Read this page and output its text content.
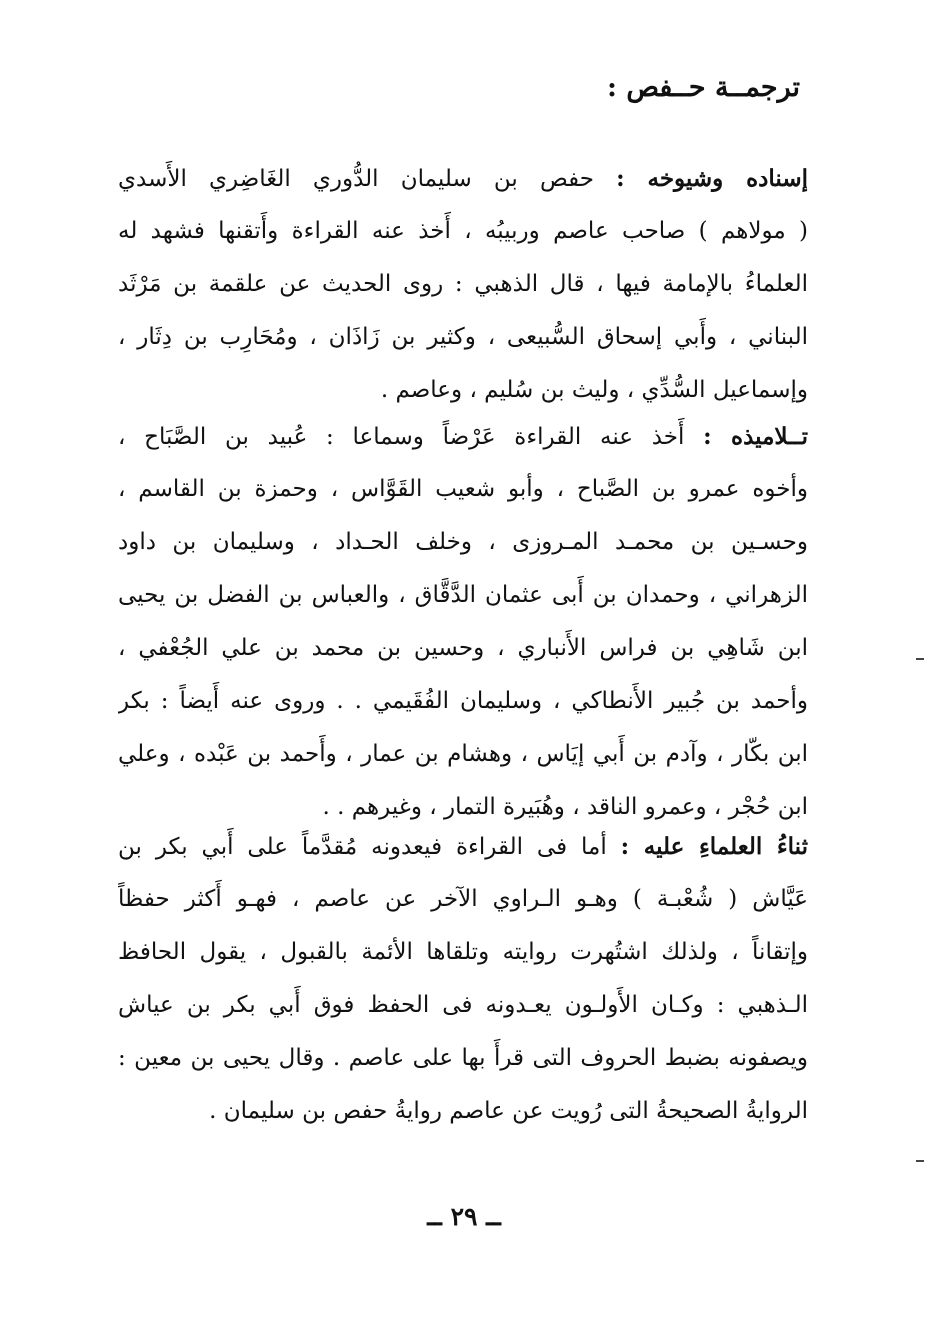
ترجمــة حــفص :
إسناده وشيوخه : حفص بن سليمان الدُّوري الغَاضِري الأَسدي
( مولاهم ) صاحب عاصم وربيبُه ، أَخذ عنه القراءة وأَتقنها فشهد له
العلماءُ بالإمامة فيها ، قال الذهبي : روى الحديث عن علقمة بن مَرْثَد
البناني ، وأَبي إسحاق السُّبيعى ، وكثير بن زَاذَان ، ومُحَارِب بن دِثَار ،
وإسماعيل السُّدِّي ، وليث بن سُليم ، وعاصم .
تــلاميذه : أَخذ عنه القراءة عَرْضاً وسماعا : عُبيد بن الصَّبَاح ،
وأخوه عمرو بن الصَّباح ، وأبو شعيب القَوَّاس ، وحمزة بن القاسم ،
وحسـين بن محمـد المـروزى ، وخلف الحـداد ، وسليمان بن داود
الزهراني ، وحمدان بن أَبى عثمان الدَّقَّاق ، والعباس بن الفضل بن يحيى
ابن شَاهِي بن فراس الأَنباري ، وحسين بن محمد بن علي الجُعْفي ،
وأحمد بن جُبير الأَنطاكي ، وسليمان الفُقَيمي . . وروى عنه أَيضاً : بكر
ابن بكّار ، وآدم بن أَبي إيَاس ، وهشام بن عمار ، وأَحمد بن عَبْده ، وعلي
ابن حُجْر ، وعمرو الناقد ، وهُبَيرة التمار ، وغيرهم . .
ثناءُ العلماءِ عليه : أما فى القراءة فيعدونه مُقدَّماً على أَبي بكر بن
عَيَّاش ( شُعْبـة ) وهـو الـراوي الآخر عن عاصم ، فهـو أَكثر حفظاً
وإتقاناً ، ولذلك اشتُهرت روايته وتلقاها الأئمة بالقبول ، يقول الحافظ
الـذهبي : وكـان الأَولـون يعـدونه فى الحفظ فوق أَبي بكر بن عياش
ويصفونه بضبط الحروف التى قرأَ بها على عاصم . وقال يحيى بن معين :
الروايةُ الصحيحةُ التى رُويت عن عاصم روايةُ حفص بن سليمان .
ــ ٢٩ ــ
